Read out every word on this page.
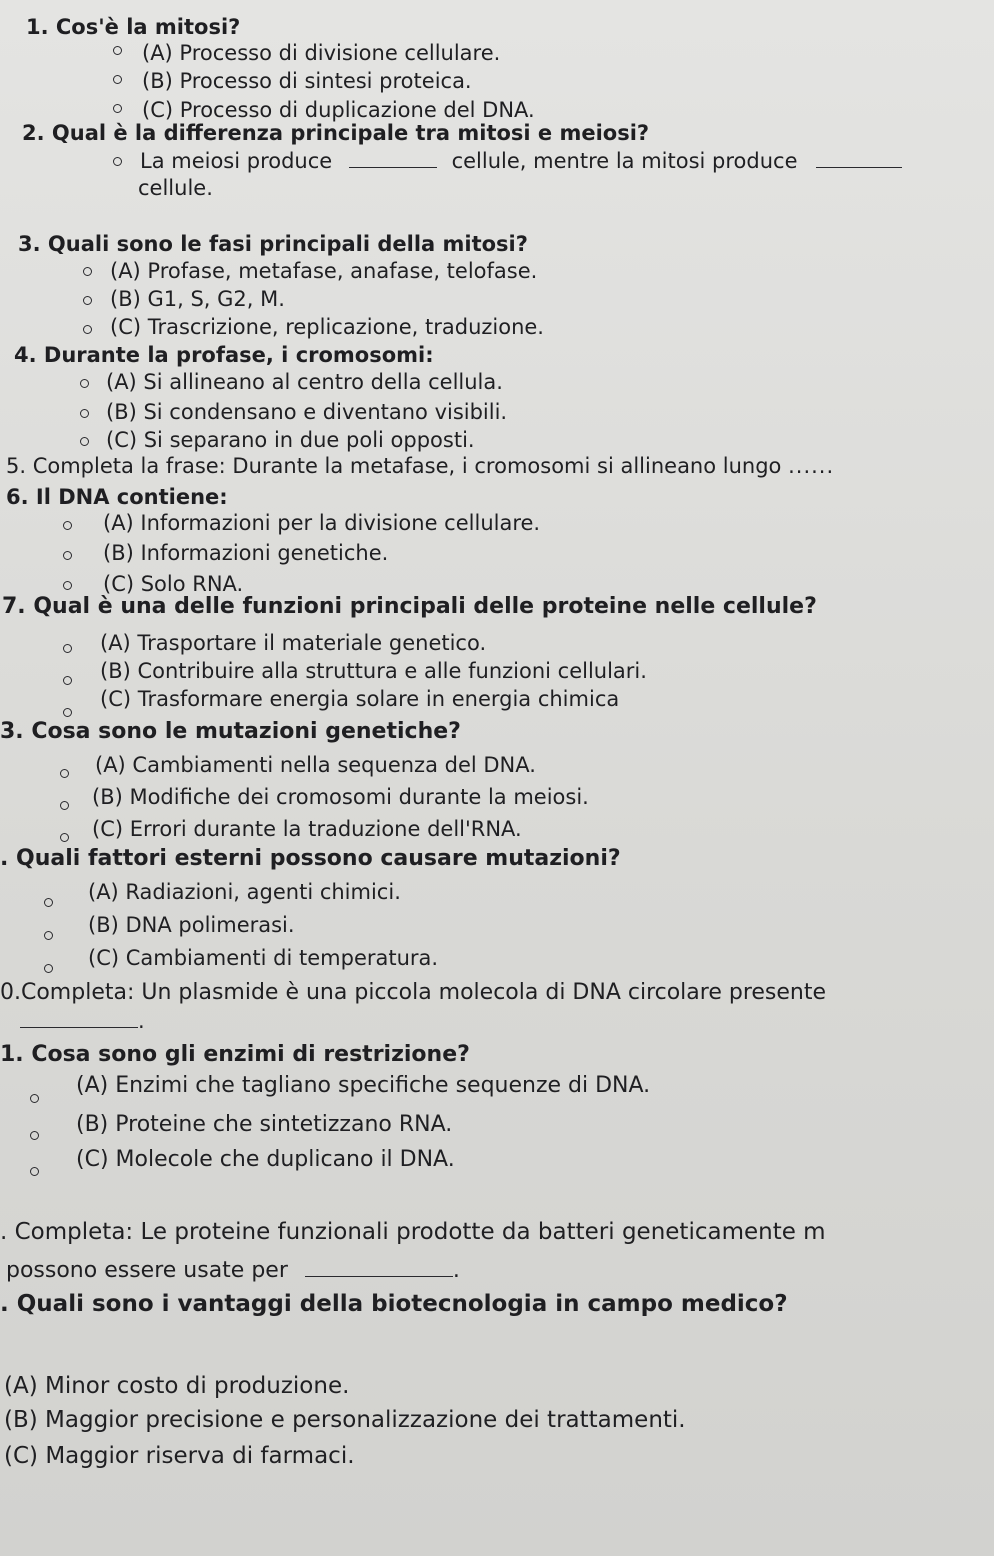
1. Cos'è la mitosi?
(A) Processo di divisione cellulare.
(B) Processo di sintesi proteica.
(C) Processo di duplicazione del DNA.
2. Qual è la differenza principale tra mitosi e meiosi?
La meiosi produce	cellule, mentre la mitosi produce
cellule.
3. Quali sono le fasi principali della mitosi?
(A) Profase, metafase, anafase, telofase.
(B) G1, S, G2, M.
(C) Trascrizione, replicazione, traduzione.
4. Durante la profase, i cromosomi:
(A) Si allineano al centro della cellula.
(B) Si condensano e diventano visibili.
(C) Si separano in due poli opposti.
5. Completa la frase: Durante la metafase, i cromosomi si allineano lungo ......
6. Il DNA contiene:
(A) Informazioni per la divisione cellulare.
(B) Informazioni genetiche.
(C) Solo RNA.
7. Qual è una delle funzioni principali delle proteine nelle cellule?
(A) Trasportare il materiale genetico.
(B) Contribuire alla struttura e alle funzioni cellulari.
(C) Trasformare energia solare in energia chimica
3. Cosa sono le mutazioni genetiche?
(A) Cambiamenti nella sequenza del DNA.
(B) Modifiche dei cromosomi durante la meiosi.
(C) Errori durante la traduzione dell'RNA.
. Quali fattori esterni possono causare mutazioni?
(A) Radiazioni, agenti chimici.
(B) DNA polimerasi.
(C) Cambiamenti di temperatura.
0.Completa: Un plasmide è una piccola molecola di DNA circolare presente
.
1. Cosa sono gli enzimi di restrizione?
(A) Enzimi che tagliano specifiche sequenze di DNA.
(B) Proteine che sintetizzano RNA.
(C) Molecole che duplicano il DNA.
. Completa: Le proteine funzionali prodotte da batteri geneticamente m
possono essere usate per	.
. Quali sono i vantaggi della biotecnologia in campo medico?
(A) Minor costo di produzione.
(B) Maggior precisione e personalizzazione dei trattamenti.
(C) Maggior riserva di farmaci.
